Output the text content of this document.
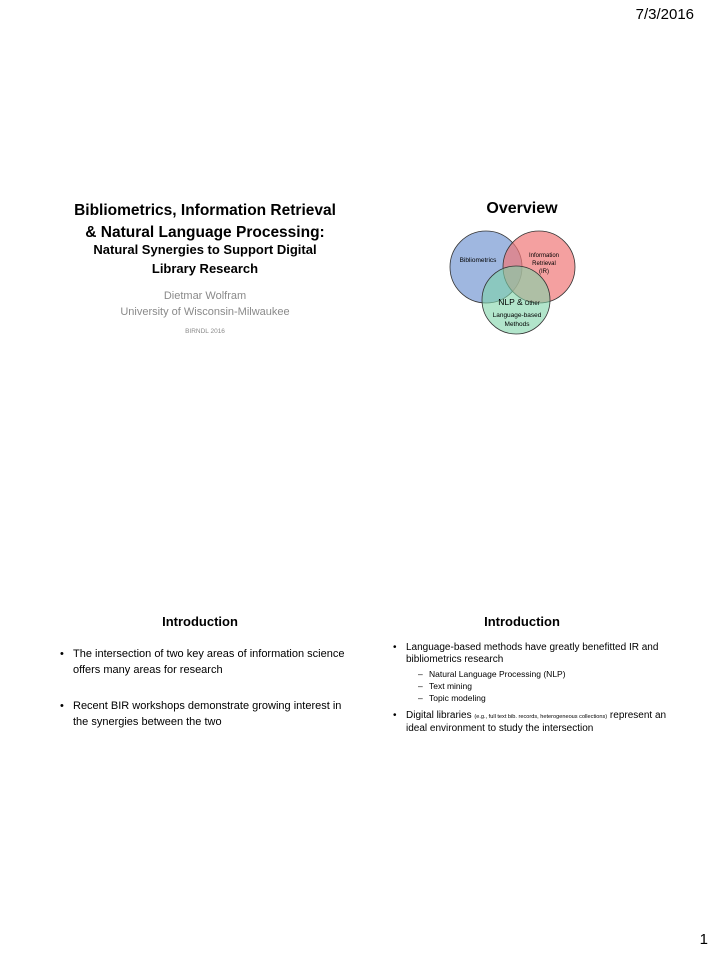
7/3/2016
Bibliometrics, Information Retrieval
& Natural Language Processing:
Natural Synergies to Support Digital
Library Research
Dietmar Wolfram
University of Wisconsin-Milwaukee
BIRNDL 2016
Overview
Bibliometrics
Information
Retrieval
(IR)
NLP & Other
Language-based
Methods
Introduction
• The intersection of two key areas of information science offers many areas for research
• Recent BIR workshops demonstrate growing interest in the synergies between the two
Introduction
• Language-based methods have greatly benefitted IR and bibliometrics research
– Natural Language Processing (NLP)
– Text mining
– Topic modeling
• Digital libraries (e.g., full text bib. records, heterogeneous collections) represent an ideal environment to study the intersection
1
